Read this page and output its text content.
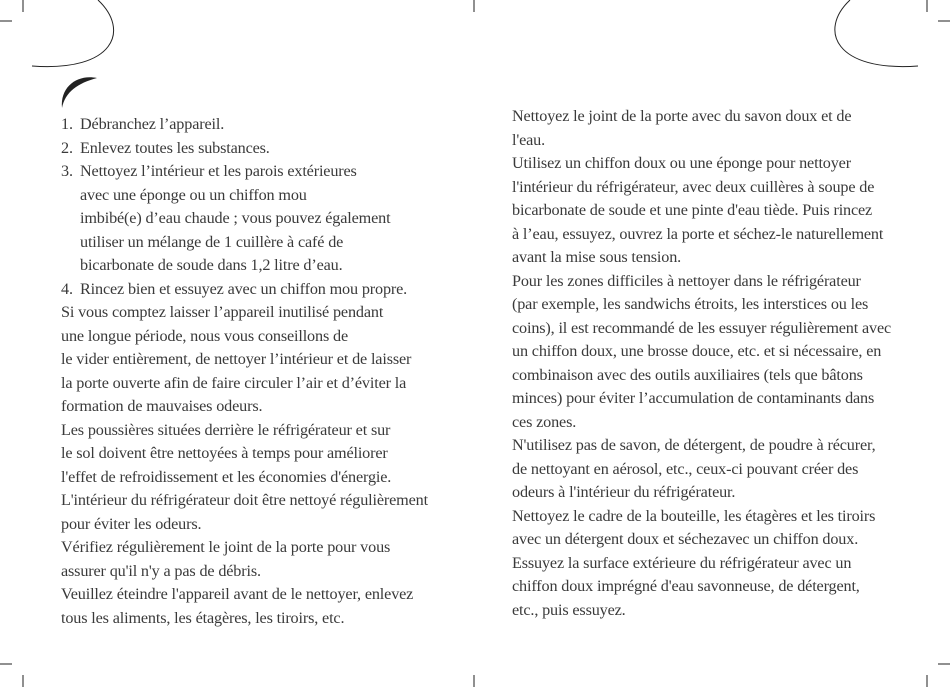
1. Débranchez l’appareil.
2. Enlevez toutes les substances.
3. Nettoyez l’intérieur et les parois extérieures
avec une éponge ou un chiffon mou
imbibé(e) d’eau chaude ; vous pouvez également
utiliser un mélange de 1 cuillère à café de
bicarbonate de soude dans 1,2 litre d’eau.
4. Rincez bien et essuyez avec un chiffon mou propre.
Si vous comptez laisser l’appareil inutilisé pendant
une longue période, nous vous conseillons de
le vider entièrement, de nettoyer l’intérieur et de laisser
la porte ouverte afin de faire circuler l’air et d’éviter la
formation de mauvaises odeurs.
Les poussières situées derrière le réfrigérateur et sur
le sol doivent être nettoyées à temps pour améliorer
l'effet de refroidissement et les économies d'énergie.
L'intérieur du réfrigérateur doit être nettoyé régulièrement
pour éviter les odeurs.
Vérifiez régulièrement le joint de la porte pour vous
assurer qu'il n'y a pas de débris.
Veuillez éteindre l'appareil avant de le nettoyer, enlevez
tous les aliments, les étagères, les tiroirs, etc.
Nettoyez le joint de la porte avec du savon doux et de
l'eau.
Utilisez un chiffon doux ou une éponge pour nettoyer
l'intérieur du réfrigérateur, avec deux cuillères à soupe de
bicarbonate de soude et une pinte d'eau tiède. Puis rincez
à l’eau, essuyez, ouvrez la porte et séchez-le naturellement
avant la mise sous tension.
Pour les zones difficiles à nettoyer dans le réfrigérateur
(par exemple, les sandwichs étroits, les interstices ou les
coins), il est recommandé de les essuyer régulièrement avec
un chiffon doux, une brosse douce, etc. et si nécessaire, en
combinaison avec des outils auxiliaires (tels que bâtons
minces) pour éviter l’accumulation de contaminants dans
ces zones.
N'utilisez pas de savon, de détergent, de poudre à récurer,
de nettoyant en aérosol, etc., ceux-ci pouvant créer des
odeurs à l'intérieur du réfrigérateur.
Nettoyez le cadre de la bouteille, les étagères et les tiroirs
avec un détergent doux et séchezavec un chiffon doux.
Essuyez la surface extérieure du réfrigérateur avec un
chiffon doux imprégné d'eau savonneuse, de détergent,
etc., puis essuyez.
